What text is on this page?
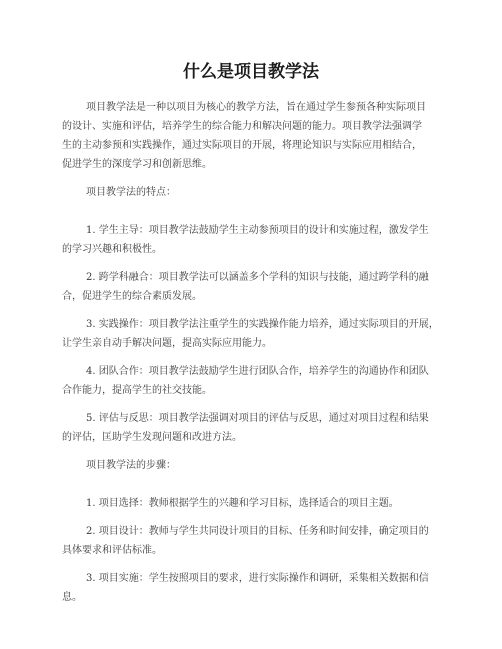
什么是项目教学法
项目教学法是一种以项目为核心的教学方法，旨在通过学生参预各种实际项目
的设计、实施和评估，培养学生的综合能力和解决问题的能力。项目教学法强调学
生的主动参预和实践操作，通过实际项目的开展，将理论知识与实际应用相结合，
促进学生的深度学习和创新思维。
项目教学法的特点：
1. 学生主导：项目教学法鼓励学生主动参预项目的设计和实施过程，激发学生
的学习兴趣和积极性。
2. 跨学科融合：项目教学法可以涵盖多个学科的知识与技能，通过跨学科的融
合，促进学生的综合素质发展。
3. 实践操作：项目教学法注重学生的实践操作能力培养，通过实际项目的开展，
让学生亲自动手解决问题，提高实际应用能力。
4. 团队合作：项目教学法鼓励学生进行团队合作，培养学生的沟通协作和团队
合作能力，提高学生的社交技能。
5. 评估与反思：项目教学法强调对项目的评估与反思，通过对项目过程和结果
的评估，匡助学生发现问题和改进方法。
项目教学法的步骤：
1. 项目选择：教师根据学生的兴趣和学习目标，选择适合的项目主题。
2. 项目设计：教师与学生共同设计项目的目标、任务和时间安排，确定项目的
具体要求和评估标准。
3. 项目实施：学生按照项目的要求，进行实际操作和调研，采集相关数据和信
息。
